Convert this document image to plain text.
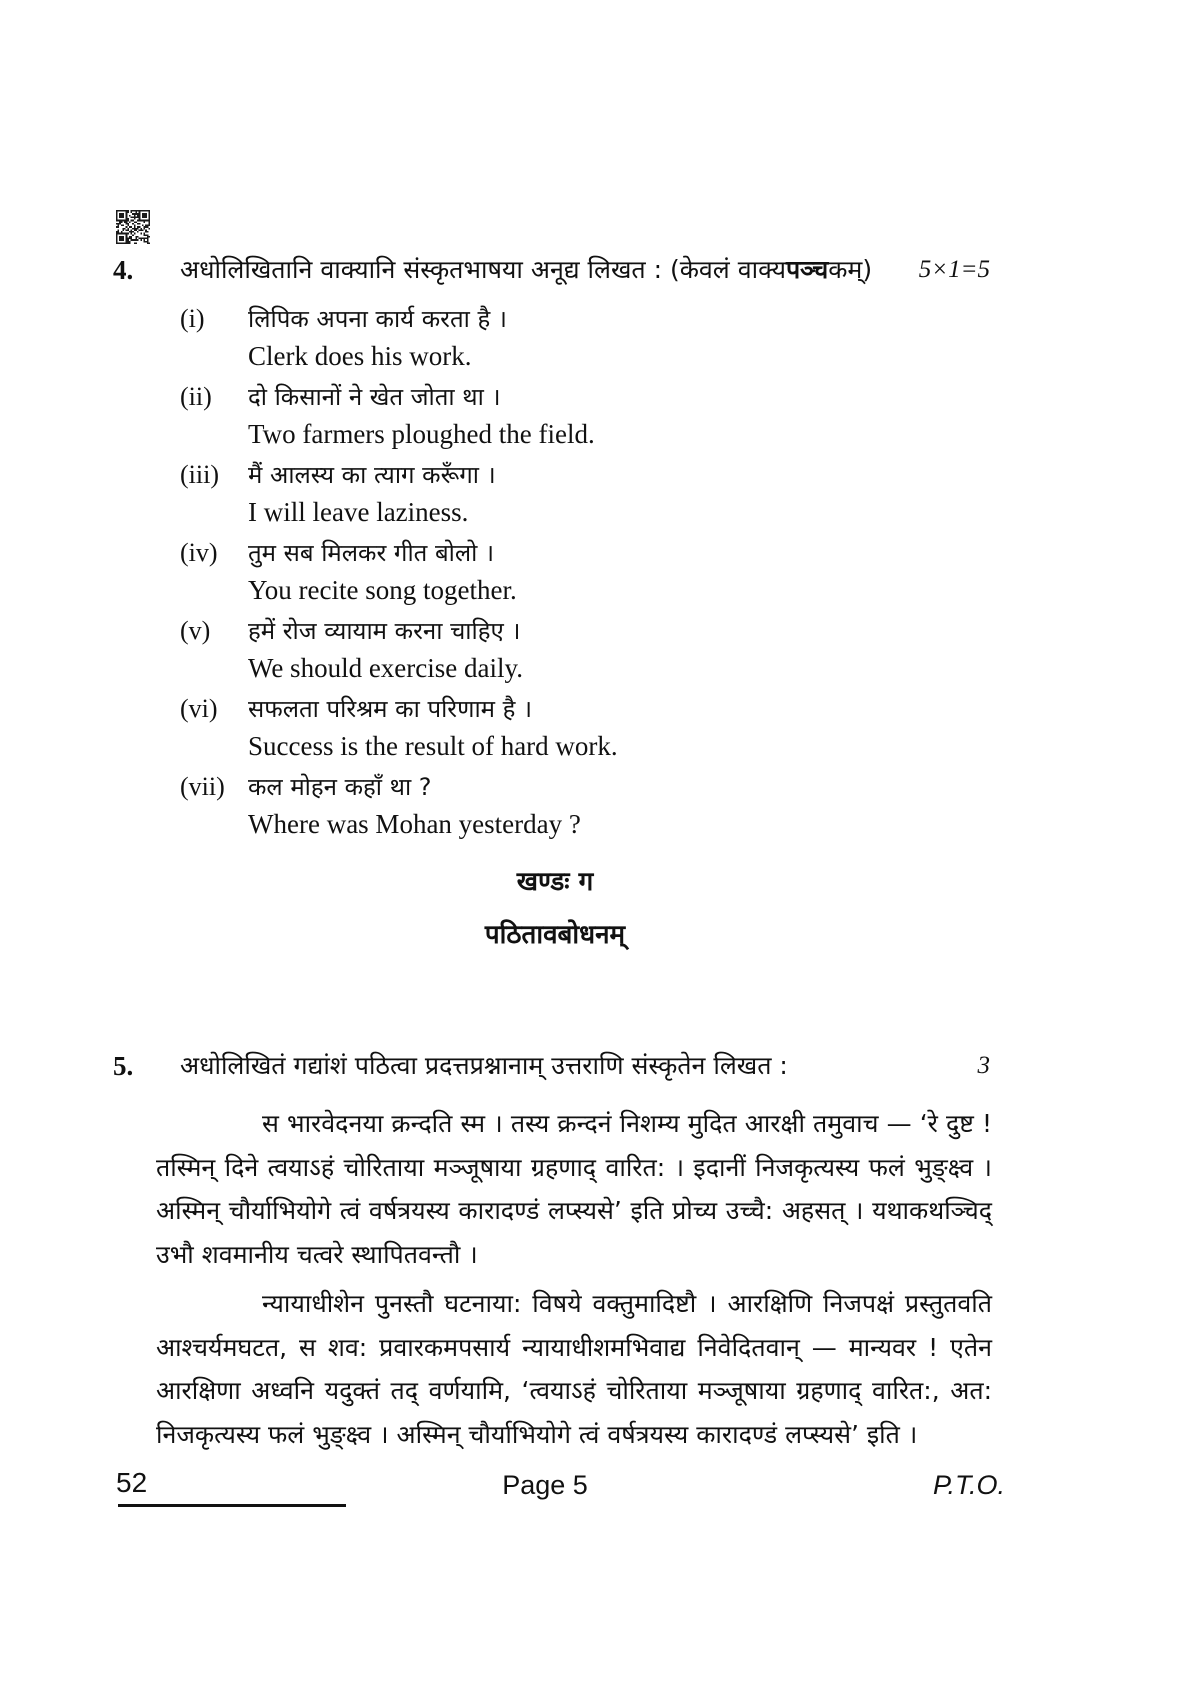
4.	अधोलिखितानि वाक्यानि संस्कृतभाषया अनूद्य लिखत : (केवलं वाक्यपञ्चकम्)	5×1=5
(i)	लिपिक अपना कार्य करता है ।
Clerk does his work.
(ii)	दो किसानों ने खेत जोता था ।
Two farmers ploughed the field.
(iii)	मैं आलस्य का त्याग करूँगा ।
I will leave laziness.
(iv)	तुम सब मिलकर गीत बोलो ।
You recite song together.
(v)	हमें रोज व्यायाम करना चाहिए ।
We should exercise daily.
(vi)	सफलता परिश्रम का परिणाम है ।
Success is the result of hard work.
(vii) कल मोहन कहाँ था ?
Where was Mohan yesterday ?
खण्डः ग
पठितावबोधनम्
5.	अधोलिखितं गद्यांशं पठित्वा प्रदत्तप्रश्नानाम् उत्तराणि संस्कृतेन लिखत :	3

स भारवेदनया क्रन्दति स्म । तस्य क्रन्दनं निशम्य मुदित आरक्षी तमुवाच — ‘रे दुष्ट ! तस्मिन् दिने त्वयाऽहं चोरिताया मञ्जूषाया ग्रहणाद् वारित: । इदानीं निजकृत्यस्य फलं भुङ्क्ष्व । अस्मिन् चौर्याभियोगे त्वं वर्षत्रयस्य कारादण्डं लप्स्यसे’ इति प्रोच्य उच्चै: अहसत् । यथाकथञ्चिद् उभौ शवमानीय चत्वरे स्थापितवन्तौ ।

न्यायाधीशेन पुनस्तौ घटनाया: विषये वक्तुमादिष्टौ । आरक्षिणि निजपक्षं प्रस्तुतवति आश्चर्यमघटत, स शव: प्रवारकमपसार्य न्यायाधीशमभिवाद्य निवेदितवान् — मान्यवर ! एतेन आरक्षिणा अध्वनि यदुक्तं तद् वर्णयामि, ‘त्वयाऽहं चोरिताया मञ्जूषाया ग्रहणाद् वारित:, अत: निजकृत्यस्य फलं भुङ्क्ष्व । अस्मिन् चौर्याभियोगे त्वं वर्षत्रयस्य कारादण्डं लप्स्यसे’ इति ।

52	Page 5	P.T.O.
